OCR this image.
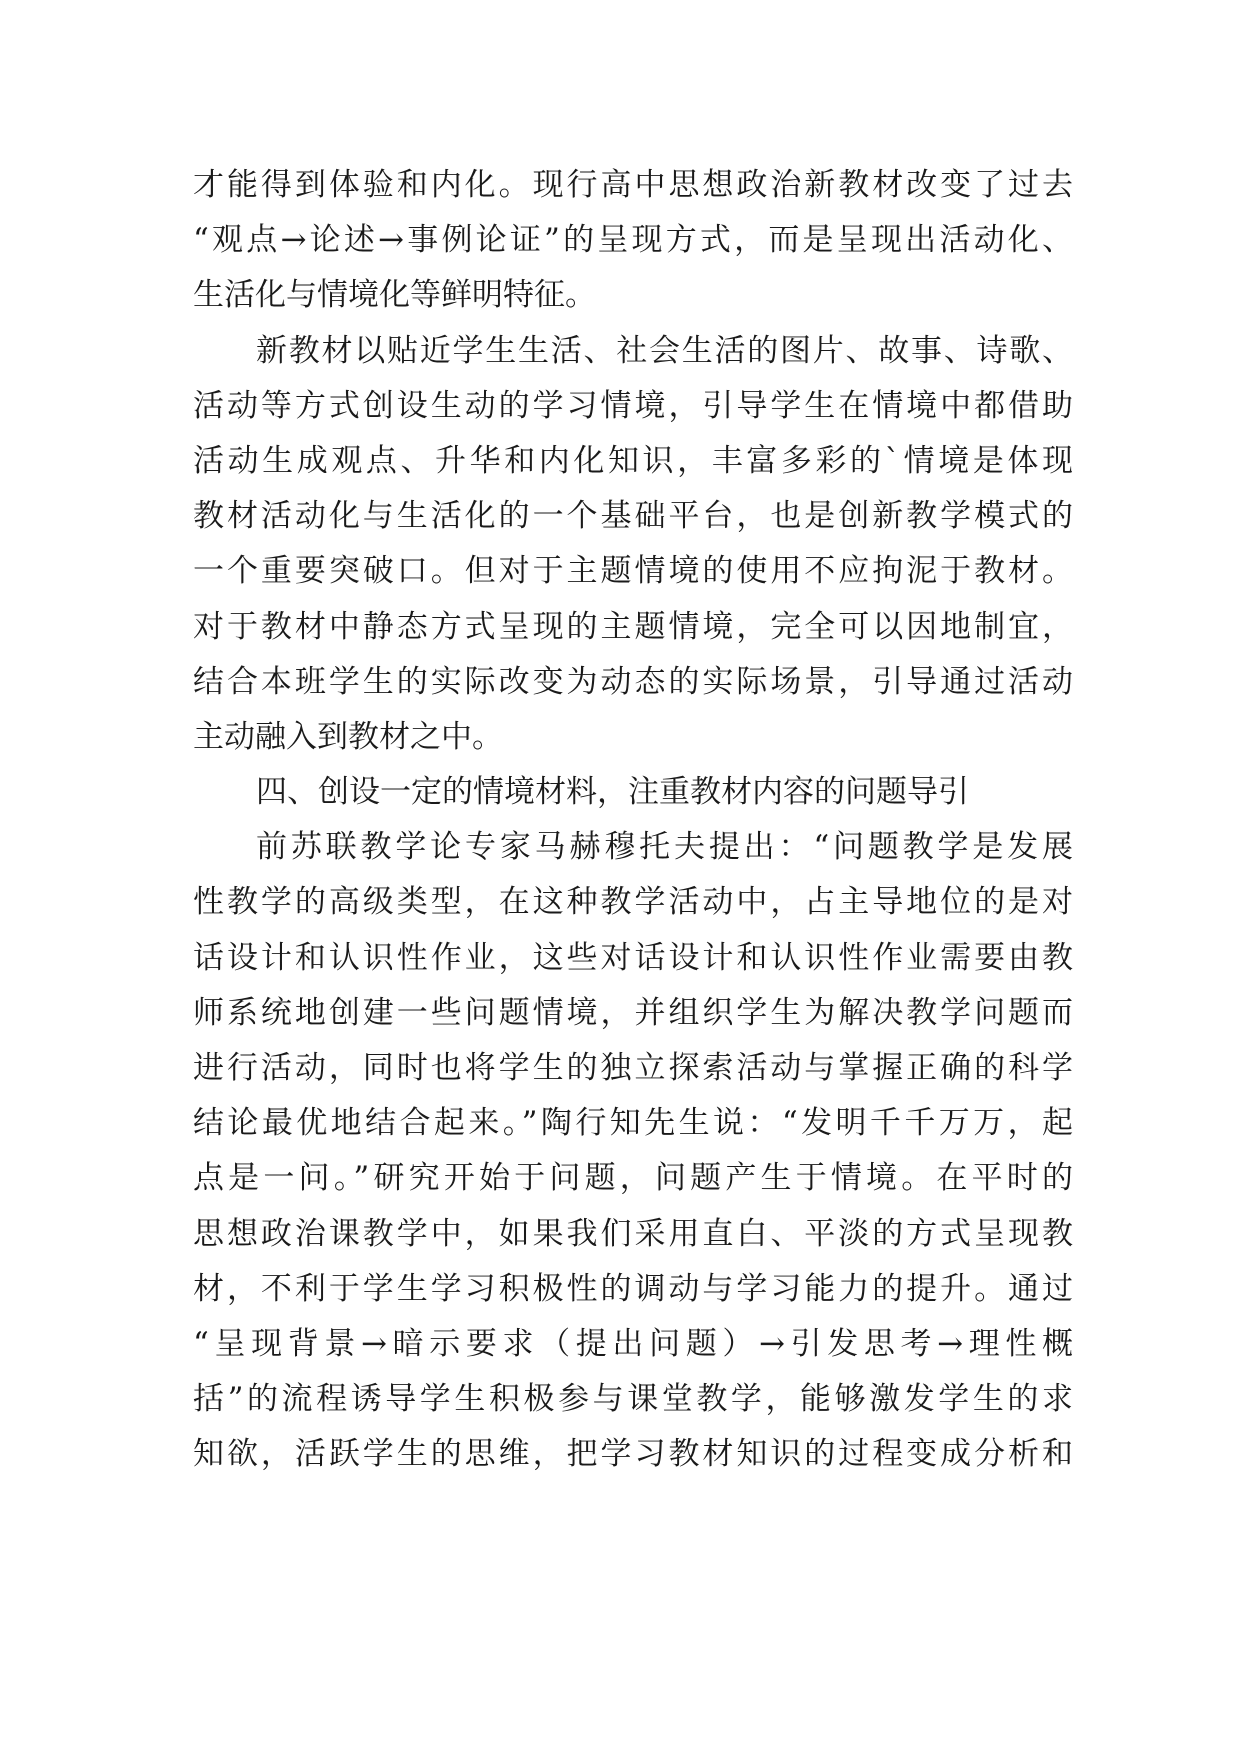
才能得到体验和内化。现行高中思想政治新教材改变了过去
“观点→论述→事例论证”的呈现方式，而是呈现出活动化、
生活化与情境化等鲜明特征。
新教材以贴近学生生活、社会生活的图片、故事、诗歌、
活动等方式创设生动的学习情境，引导学生在情境中都借助
活动生成观点、升华和内化知识，丰富多彩的`情境是体现
教材活动化与生活化的一个基础平台，也是创新教学模式的
一个重要突破口。但对于主题情境的使用不应拘泥于教材。
对于教材中静态方式呈现的主题情境，完全可以因地制宜，
结合本班学生的实际改变为动态的实际场景，引导通过活动
主动融入到教材之中。
四、创设一定的情境材料，注重教材内容的问题导引
前苏联教学论专家马赫穆托夫提出：“问题教学是发展
性教学的高级类型，在这种教学活动中，占主导地位的是对
话设计和认识性作业，这些对话设计和认识性作业需要由教
师系统地创建一些问题情境，并组织学生为解决教学问题而
进行活动，同时也将学生的独立探索活动与掌握正确的科学
结论最优地结合起来。”陶行知先生说：“发明千千万万，起
点是一问。”研究开始于问题，问题产生于情境。在平时的
思想政治课教学中，如果我们采用直白、平淡的方式呈现教
材，不利于学生学习积极性的调动与学习能力的提升。通过
“呈现背景→暗示要求（提出问题）→引发思考→理性概
括”的流程诱导学生积极参与课堂教学，能够激发学生的求
知欲，活跃学生的思维，把学习教材知识的过程变成分析和
